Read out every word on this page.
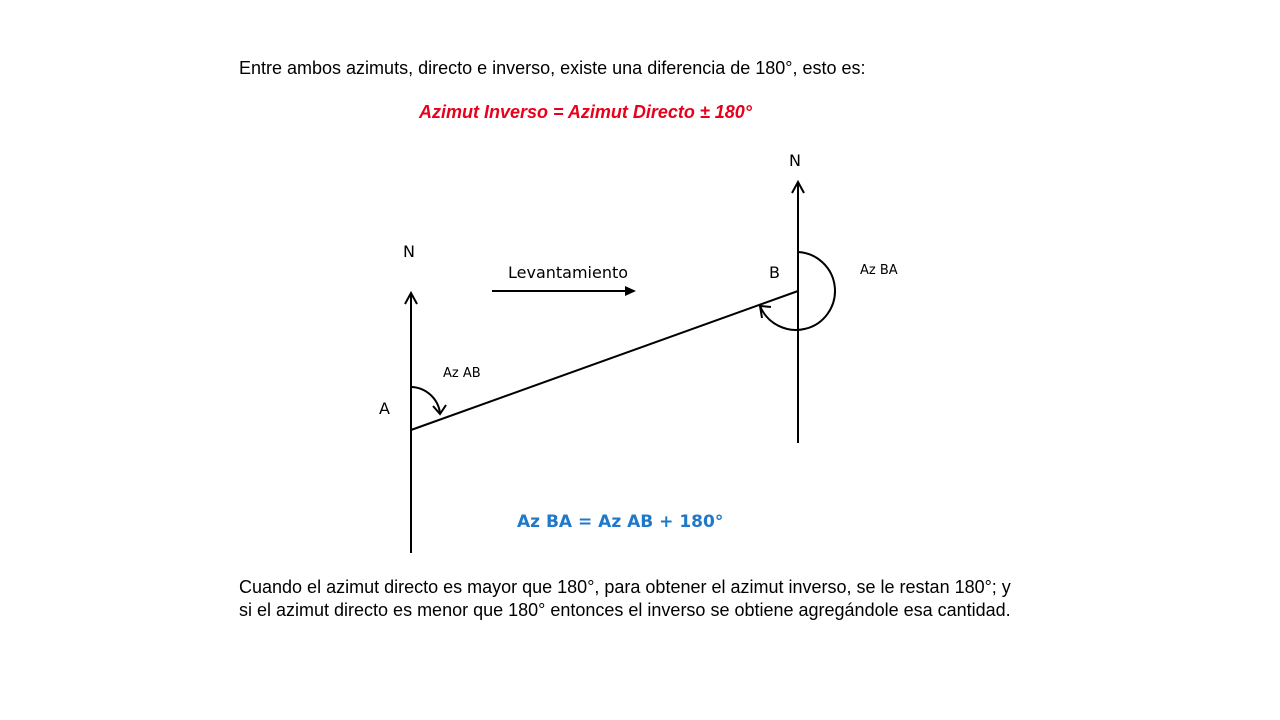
Entre ambos azimuts, directo e inverso, existe una diferencia de 180°, esto es:
Azimut Inverso = Azimut Directo ± 180°
N
N
Levantamiento
A
B
Az AB
Az BA
Az BA = Az AB + 180°
Cuando el azimut directo es mayor que 180°, para obtener el azimut inverso, se le restan 180°; y
si el azimut directo es menor que 180° entonces el inverso se obtiene agregándole esa cantidad.
